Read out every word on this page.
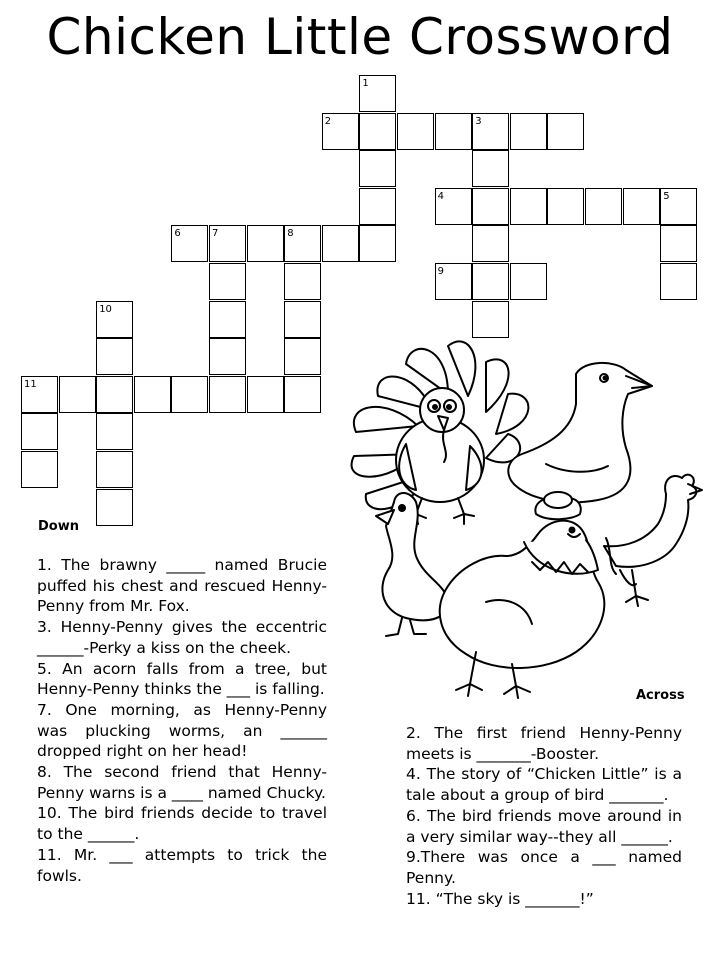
Chicken Little Crossword
1
2	3
4	5
6	7	8
9
10
11
Down

1. The brawny _____ named Brucie puffed his chest and rescued Henny-Penny from Mr. Fox.

3. Henny-Penny gives the eccentric ______-Perky a kiss on the cheek.

5. An acorn falls from a tree, but Henny-Penny thinks the ___ is falling.

7. One morning, as Henny-Penny was plucking worms, an ______ dropped right on her head!

8. The second friend that Henny-Penny warns is a ____ named Chucky.

10. The bird friends decide to travel to the ______.

11. Mr. ___ attempts to trick the fowls.

Across

2. The first friend Henny-Penny meets is _______-Booster.

4. The story of “Chicken Little” is a tale about a group of bird _______.

6. The bird friends move around in a very similar way--they all ______.

9.There was once a ___ named Penny.

11. “The sky is _______!”
